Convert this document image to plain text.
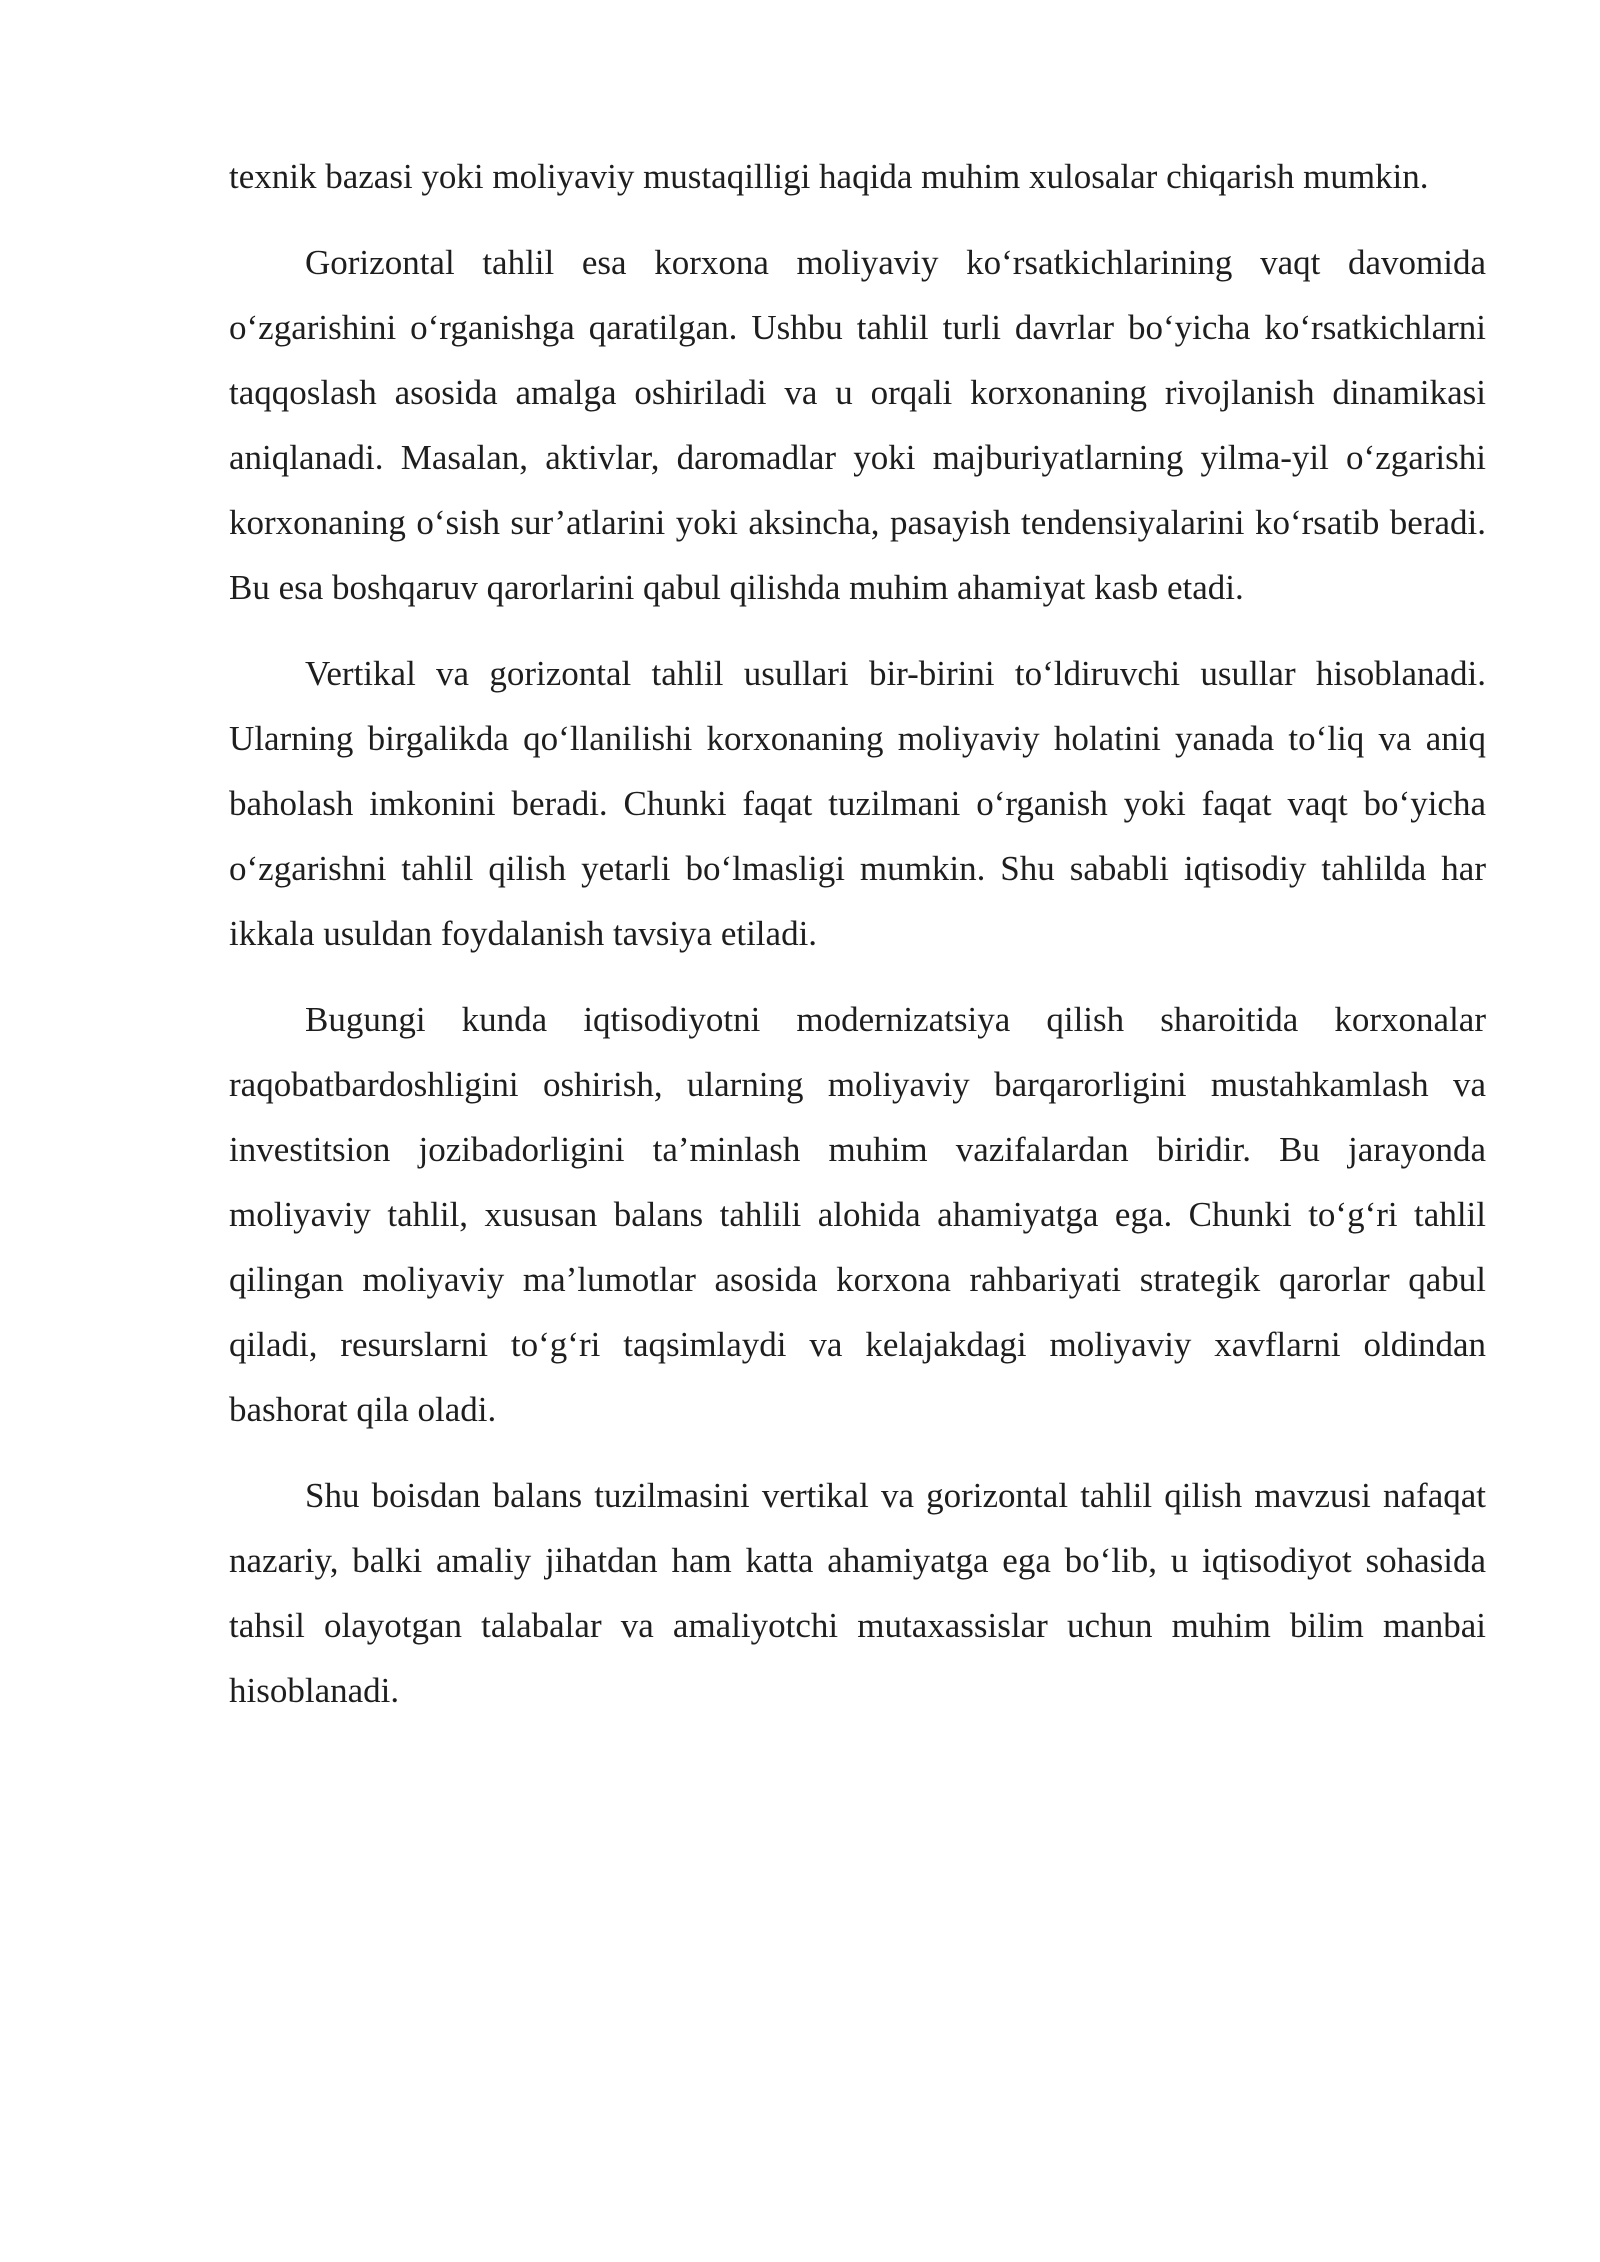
texnik bazasi yoki moliyaviy mustaqilligi haqida muhim xulosalar chiqarish mumkin.

Gorizontal tahlil esa korxona moliyaviy ko‘rsatkichlarining vaqt davomida o‘zgarishini o‘rganishga qaratilgan. Ushbu tahlil turli davrlar bo‘yicha ko‘rsatkichlarni taqqoslash asosida amalga oshiriladi va u orqali korxonaning rivojlanish dinamikasi aniqlanadi. Masalan, aktivlar, daromadlar yoki majburiyatlarning yilma-yil o‘zgarishi korxonaning o‘sish sur’atlarini yoki aksincha, pasayish tendensiyalarini ko‘rsatib beradi. Bu esa boshqaruv qarorlarini qabul qilishda muhim ahamiyat kasb etadi.

Vertikal va gorizontal tahlil usullari bir-birini to‘ldiruvchi usullar hisoblanadi. Ularning birgalikda qo‘llanilishi korxonaning moliyaviy holatini yanada to‘liq va aniq baholash imkonini beradi. Chunki faqat tuzilmani o‘rganish yoki faqat vaqt bo‘yicha o‘zgarishni tahlil qilish yetarli bo‘lmasligi mumkin. Shu sababli iqtisodiy tahlilda har ikkala usuldan foydalanish tavsiya etiladi.

Bugungi kunda iqtisodiyotni modernizatsiya qilish sharoitida korxonalar raqobatbardoshligini oshirish, ularning moliyaviy barqarorligini mustahkamlash va investitsion jozibadorligini ta’minlash muhim vazifalardan biridir. Bu jarayonda moliyaviy tahlil, xususan balans tahlili alohida ahamiyatga ega. Chunki to‘g‘ri tahlil qilingan moliyaviy ma’lumotlar asosida korxona rahbariyati strategik qarorlar qabul qiladi, resurslarni to‘g‘ri taqsimlaydi va kelajakdagi moliyaviy xavflarni oldindan bashorat qila oladi.

Shu boisdan balans tuzilmasini vertikal va gorizontal tahlil qilish mavzusi nafaqat nazariy, balki amaliy jihatdan ham katta ahamiyatga ega bo‘lib, u iqtisodiyot sohasida tahsil olayotgan talabalar va amaliyotchi mutaxassislar uchun muhim bilim manbai hisoblanadi.
